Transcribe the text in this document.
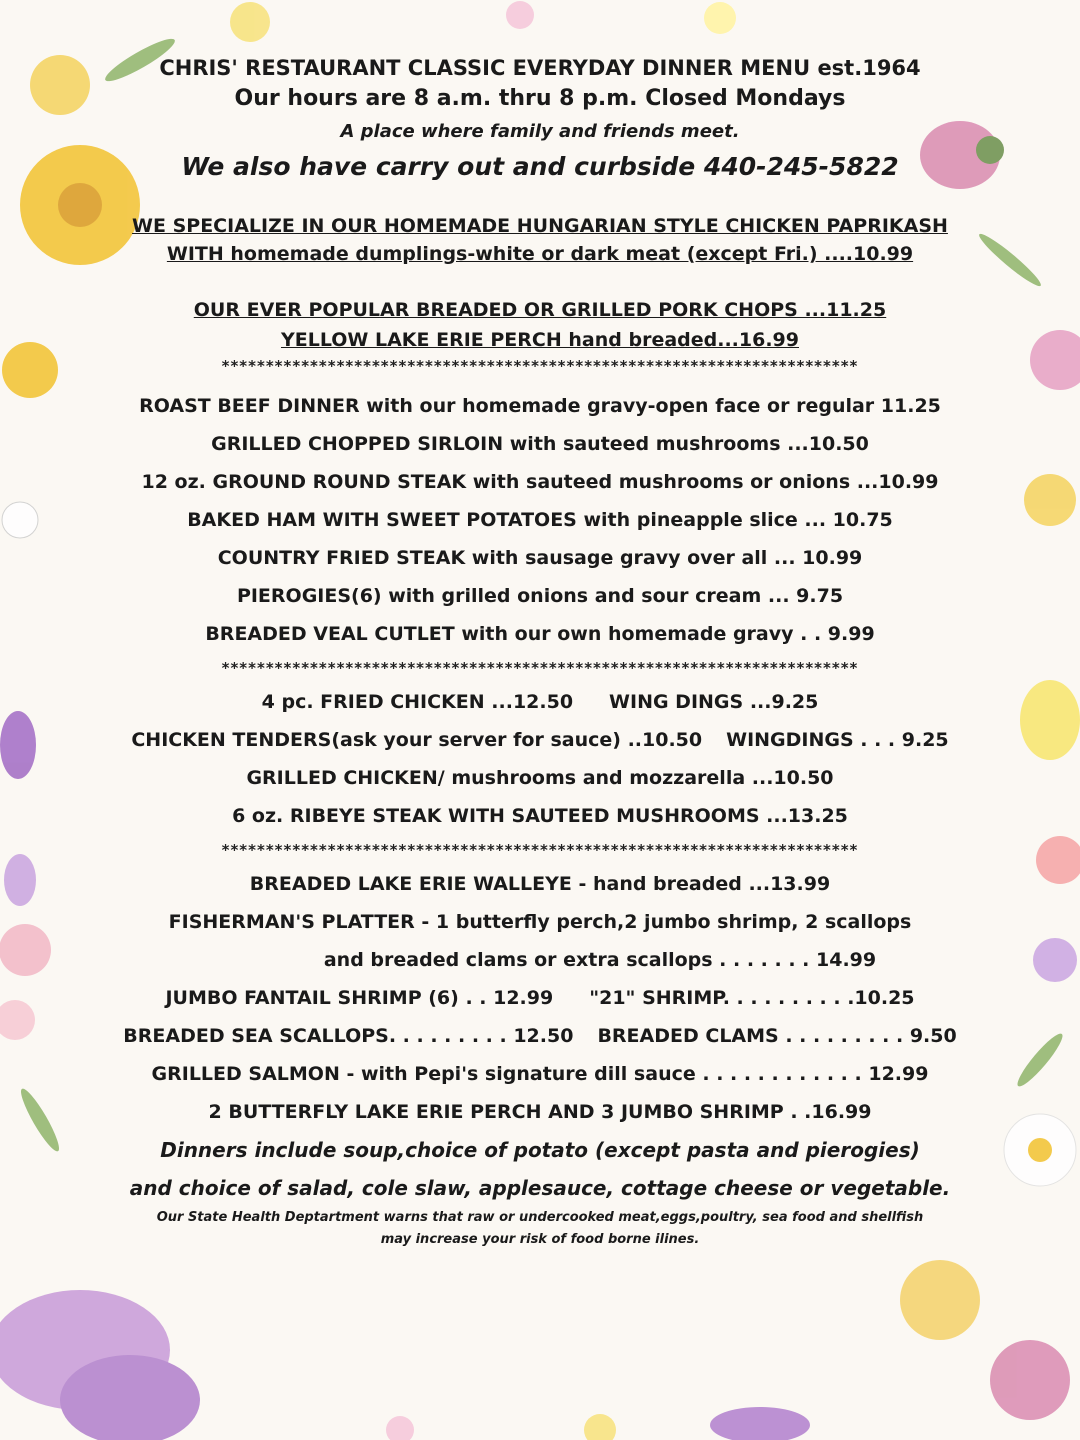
CHRIS' RESTAURANT CLASSIC EVERYDAY DINNER MENU est.1964
Our hours are 8 a.m. thru 8 p.m. Closed Mondays
A place where family and friends meet.
We also have carry out and curbside 440-245-5822
WE SPECIALIZE IN OUR HOMEMADE HUNGARIAN STYLE CHICKEN PAPRIKASH
WITH homemade dumplings-white or dark meat (except Fri.) ....10.99
OUR EVER POPULAR BREADED OR GRILLED PORK CHOPS ...11.25
YELLOW LAKE ERIE PERCH hand breaded...16.99
************************************************************************
ROAST BEEF DINNER with our homemade gravy-open face or regular 11.25
GRILLED CHOPPED SIRLOIN with sauteed mushrooms ...10.50
12 oz. GROUND ROUND STEAK with sauteed mushrooms or onions ...10.99
BAKED HAM WITH SWEET POTATOES with pineapple slice ... 10.75
COUNTRY FRIED STEAK with sausage gravy over all ... 10.99
PIEROGIES(6) with grilled onions and sour cream ... 9.75
BREADED VEAL CUTLET with our own homemade gravy . . 9.99
************************************************************************
4 pc. FRIED CHICKEN ...12.50 WING DINGS ...9.25
CHICKEN TENDERS(ask your server for sauce) ..10.50 WINGDINGS . . . 9.25
GRILLED CHICKEN/ mushrooms and mozzarella ...10.50
6 oz. RIBEYE STEAK WITH SAUTEED MUSHROOMS ...13.25
************************************************************************
BREADED LAKE ERIE WALLEYE - hand breaded ...13.99
FISHERMAN'S PLATTER - 1 butterfly perch,2 jumbo shrimp, 2 scallops
and breaded clams or extra scallops . . . . . . . 14.99
JUMBO FANTAIL SHRIMP (6) . . 12.99 "21" SHRIMP. . . . . . . . . .10.25
BREADED SEA SCALLOPS. . . . . . . . . 12.50 BREADED CLAMS . . . . . . . . . 9.50
GRILLED SALMON - with Pepi's signature dill sauce . . . . . . . . . . . . 12.99
2 BUTTERFLY LAKE ERIE PERCH AND 3 JUMBO SHRIMP . .16.99
Dinners include soup,choice of potato (except pasta and pierogies)
and choice of salad, cole slaw, applesauce, cottage cheese or vegetable.
Our State Health Deptartment warns that raw or undercooked meat,eggs,poultry, sea food and shellfish
may increase your risk of food borne ilines.
